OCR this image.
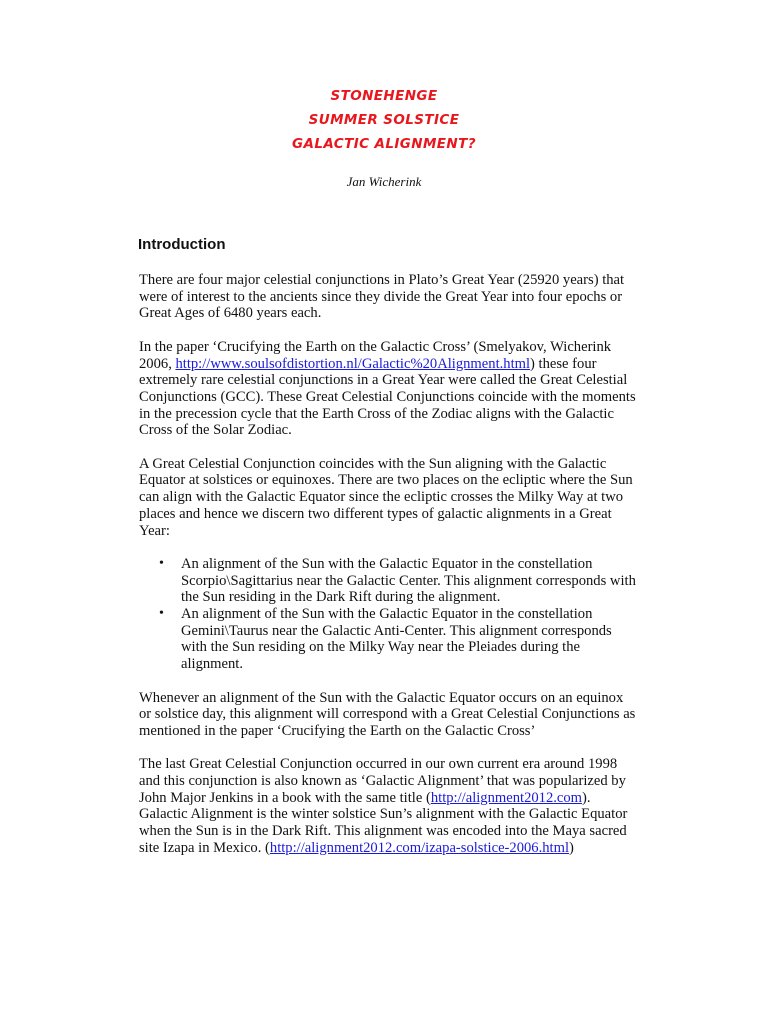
STONEHENGE
SUMMER SOLSTICE
GALACTIC ALIGNMENT?
Jan Wicherink
Introduction

There are four major celestial conjunctions in Plato’s Great Year (25920 years) that were of interest to the ancients since they divide the Great Year into four epochs or Great Ages of 6480 years each.

In the paper ‘Crucifying the Earth on the Galactic Cross’ (Smelyakov, Wicherink 2006, http://www.soulsofdistortion.nl/Galactic%20Alignment.html) these four extremely rare celestial conjunctions in a Great Year were called the Great Celestial Conjunctions (GCC). These Great Celestial Conjunctions coincide with the moments in the precession cycle that the Earth Cross of the Zodiac aligns with the Galactic Cross of the Solar Zodiac.

A Great Celestial Conjunction coincides with the Sun aligning with the Galactic Equator at solstices or equinoxes. There are two places on the ecliptic where the Sun can align with the Galactic Equator since the ecliptic crosses the Milky Way at two places and hence we discern two different types of galactic alignments in a Great Year:

• An alignment of the Sun with the Galactic Equator in the constellation Scorpio\Sagittarius near the Galactic Center. This alignment corresponds with the Sun residing in the Dark Rift during the alignment.
• An alignment of the Sun with the Galactic Equator in the constellation Gemini\Taurus near the Galactic Anti-Center. This alignment corresponds with the Sun residing on the Milky Way near the Pleiades during the alignment.

Whenever an alignment of the Sun with the Galactic Equator occurs on an equinox or solstice day, this alignment will correspond with a Great Celestial Conjunctions as mentioned in the paper ‘Crucifying the Earth on the Galactic Cross’

The last Great Celestial Conjunction occurred in our own current era around 1998 and this conjunction is also known as ‘Galactic Alignment’ that was popularized by John Major Jenkins in a book with the same title (http://alignment2012.com). Galactic Alignment is the winter solstice Sun’s alignment with the Galactic Equator when the Sun is in the Dark Rift. This alignment was encoded into the Maya sacred site Izapa in Mexico. (http://alignment2012.com/izapa-solstice-2006.html)
